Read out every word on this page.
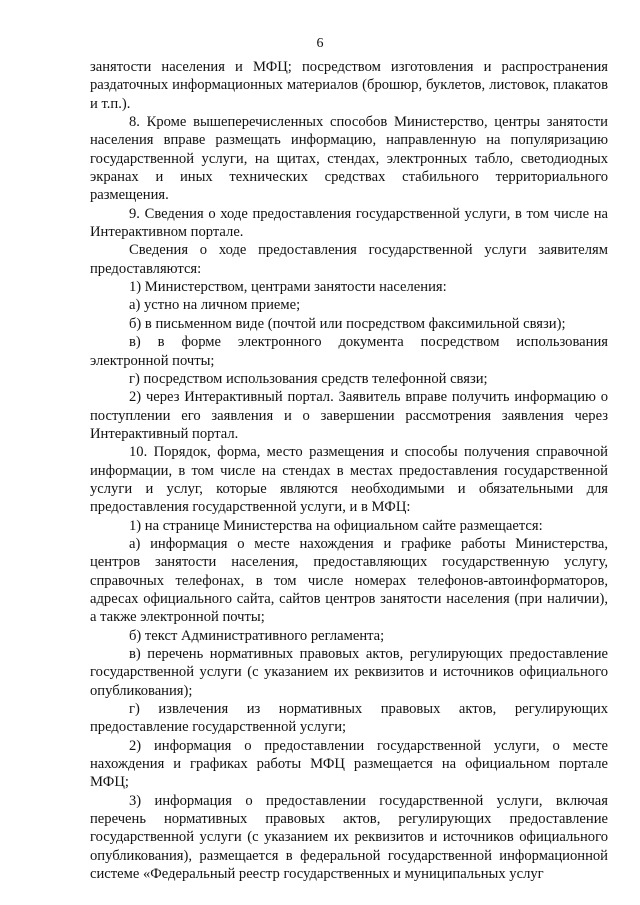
6

занятости населения и МФЦ; посредством изготовления и распространения раздаточных информационных материалов (брошюр, буклетов, листовок, плакатов и т.п.).

8. Кроме вышеперечисленных способов Министерство, центры занятости населения вправе размещать информацию, направленную на популяризацию государственной услуги, на щитах, стендах, электронных табло, светодиодных экранах и иных технических средствах стабильного территориального размещения.

9. Сведения о ходе предоставления государственной услуги, в том числе на Интерактивном портале.

Сведения о ходе предоставления государственной услуги заявителям предоставляются:

1) Министерством, центрами занятости населения:

а) устно на личном приеме;

б) в письменном виде (почтой или посредством факсимильной связи);

в) в форме электронного документа посредством использования электронной почты;

г) посредством использования средств телефонной связи;

2) через Интерактивный портал. Заявитель вправе получить информацию о поступлении его заявления и о завершении рассмотрения заявления через Интерактивный портал.

10. Порядок, форма, место размещения и способы получения справочной информации, в том числе на стендах в местах предоставления государственной услуги и услуг, которые являются необходимыми и обязательными для предоставления государственной услуги, и в МФЦ:

1) на странице Министерства на официальном сайте размещается:

а) информация о месте нахождения и графике работы Министерства, центров занятости населения, предоставляющих государственную услугу, справочных телефонах, в том числе номерах телефонов-автоинформаторов, адресах официального сайта, сайтов центров занятости населения (при наличии), а также электронной почты;

б) текст Административного регламента;

в) перечень нормативных правовых актов, регулирующих предоставление государственной услуги (с указанием их реквизитов и источников официального опубликования);

г) извлечения из нормативных правовых актов, регулирующих предоставление государственной услуги;

2) информация о предоставлении государственной услуги, о месте нахождения и графиках работы МФЦ размещается на официальном портале МФЦ;

3) информация о предоставлении государственной услуги, включая перечень нормативных правовых актов, регулирующих предоставление государственной услуги (с указанием их реквизитов и источников официального опубликования), размещается в федеральной государственной информационной системе «Федеральный реестр государственных и муниципальных услуг
